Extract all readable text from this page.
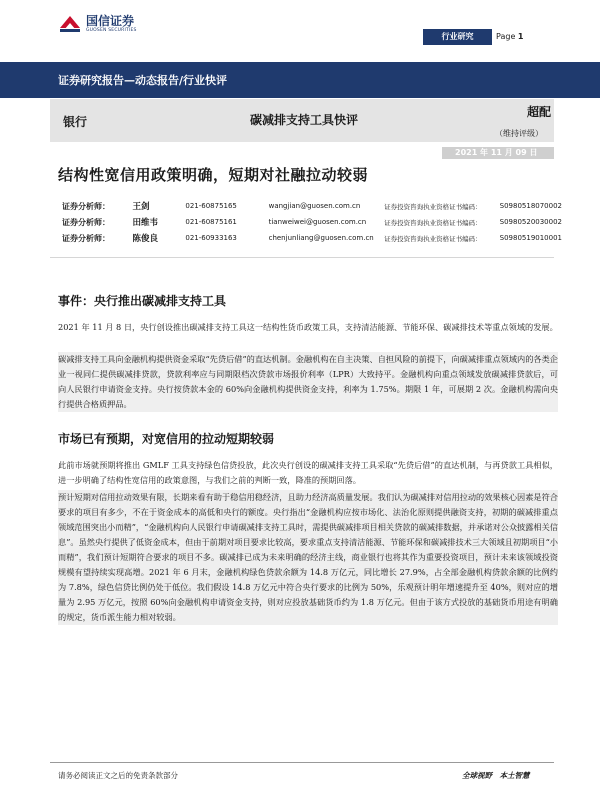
国信证券
GUOSEN SECURITIES
行业研究	Page 1
证券研究报告—动态报告/行业快评
银行	碳减排支持工具快评
超配
（维持评级）
2021 年 11 月 09 日
结构性宽信用政策明确，短期对社融拉动较弱
证券分析师：	王剑	021-60875165	wangjian@guosen.com.cn	证券投资咨询执业资格证书编码：	S0980518070002
证券分析师：	田维韦	021-60875161	tianweiwei@guosen.com.cn	证券投资咨询执业资格证书编码：	S0980520030002
证券分析师：	陈俊良	021-60933163	chenjunliang@guosen.com.cn	证券投资咨询执业资格证书编码：	S0980519010001
事件：央行推出碳减排支持工具
2021 年 11 月 8 日，央行创设推出碳减排支持工具这一结构性货币政策工具，支持清洁能源、节能环保、碳减排技术等重点领域的发展。
碳减排支持工具向金融机构提供资金采取“先贷后借”的直达机制。金融机构在自主决策、自担风险的前提下，向碳减排重点领域内的各类企业一视同仁提供碳减排贷款，贷款利率应与同期限档次贷款市场报价利率（LPR）大致持平。金融机构向重点领域发放碳减排贷款后，可向人民银行申请资金支持。央行按贷款本金的 60%向金融机构提供资金支持，利率为 1.75%。期限 1 年，可展期 2 次。金融机构需向央行提供合格质押品。
市场已有预期，对宽信用的拉动短期较弱
此前市场就预期将推出 GMLF 工具支持绿色信贷投放，此次央行创设的碳减排支持工具采取“先贷后借”的直达机制，与再贷款工具相似，进一步明确了结构性宽信用的政策意图，与我们之前的判断一致，降准的预期回落。
预计短期对信用拉动效果有限，长期来看有助于稳信用稳经济，且助力经济高质量发展。我们认为碳减排对信用拉动的效果核心因素是符合要求的项目有多少，不在于资金成本的高低和央行的额度。央行指出“金融机构应按市场化、法治化原则提供融资支持，初期的碳减排重点领域范围突出小而精”，“金融机构向人民银行申请碳减排支持工具时，需提供碳减排项目相关贷款的碳减排数据，并承诺对公众披露相关信息”。虽然央行提供了低资金成本，但由于前期对项目要求比较高，要求重点支持清洁能源、节能环保和碳减排技术三大领域且初期项目“小而精”，我们预计短期符合要求的项目不多。碳减排已成为未来明确的经济主线，商业银行也将其作为重要投资项目，预计未来该领域投资规模有望持续实现高增。2021 年 6 月末，金融机构绿色贷款余额为 14.8 万亿元，同比增长 27.9%，占全部金融机构贷款余额的比例约为 7.8%，绿色信贷比例仍处于低位。我们假设 14.8 万亿元中符合央行要求的比例为 50%，乐观预计明年增速提升至 40%，则对应的增量为 2.95 万亿元，按照 60%向金融机构申请资金支持，则对应投放基础货币约为 1.8 万亿元。但由于该方式投放的基础货币用途有明确的规定，货币派生能力相对较弱。
请务必阅读正文之后的免责条款部分	全球视野　本土智慧
